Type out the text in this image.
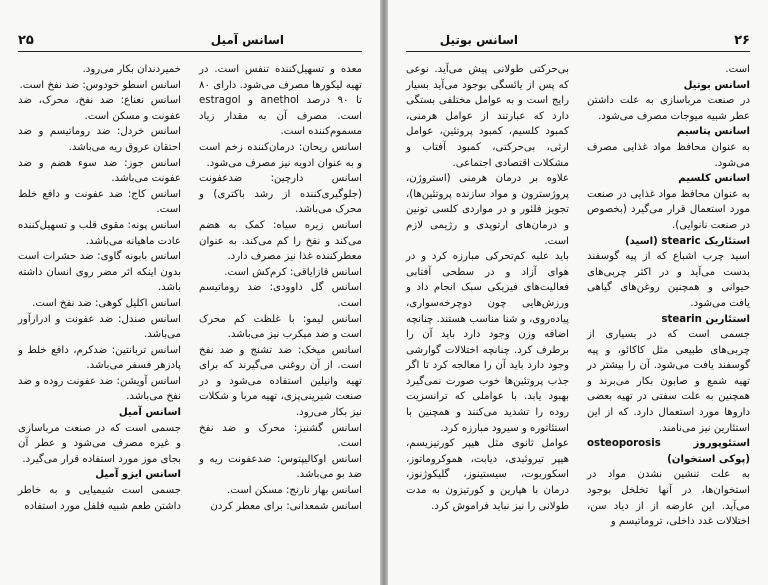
۲۵	اسانس آمیل

معده و تسهیل‌کننده تنفس است. در تهیه لیکورها مصرف می‌شود. دارای ۸۰ تا ۹۰ درصد anethol و estragol است. مصرف آن به مقدار زیاد مسموم‌کننده است.

اسانس ریحان: درمان‌کننده زخم است و به عنوان ادویه نیز مصرف می‌شود.

اسانس دارچین: ضدعفونت (جلوگیری‌کننده از رشد باکتری) و محرک می‌باشد.

اسانس زیره سیاه: کمک به هضم می‌کند و نفخ را کم می‌کند. به عنوان معطرکننده غذا نیز مصرف دارد.

اسانس قازایاقی: کرم‌کش است.

اسانس گل داوودی: ضد روماتیسم است.

اسانس لیمو: با غلظت کم محرک است و ضد میکرب نیز می‌باشد.

اسانس میخک: ضد تشنج و ضد نفخ است. از آن روغنی می‌گیرند که برای تهیه وانیلین استفاده می‌شود و در صنعت شیرینی‌پزی، تهیه مربا و شکلات نیز بکار می‌رود.

اسانس گشنیز: محرک و ضد نفخ است.

اسانس اوکالیپتوس: ضدعفونت ریه و ضد بو می‌باشد.

اسانس بهار نارنج: مسکن است.

اسانس شمعدانی: برای معطر کردن

خمیردندان بکار می‌رود.

اسانس اسطو خودوس: ضد نفخ است.

اسانس نعناع: ضد نفخ، محرک، ضد عفونت و مسکن است.

اسانس خردل: ضد روماتیسم و ضد احتقان عروق ریه می‌باشد.

اسانس جوز: ضد سوء هضم و ضد عفونت می‌باشد.

اسانس کاج: ضد عفونت و دافع خلط است.

اسانس پونه: مقوی قلب و تسهیل‌کننده عادت ماهیانه می‌باشد.

اسانس بابونه گاوی: ضد حشرات است بدون اینکه اثر مضر روی انسان داشته باشد.

اسانس اکلیل کوهی: ضد نفخ است.

اسانس صندل: ضد عفونت و ادرارآور می‌باشد.

اسانس تربانتین: ضدکرم، دافع خلط و پادزهر فسفر می‌باشد.

اسانس آویشن: ضد عفونت روده و ضد نفخ می‌باشد.

اسانس آمیل

جسمی است که در صنعت مربا‌سازی و غیره مصرف می‌شود و عطر آن بجای موز مورد استفاده قرار می‌گیرد.

اسانس ایزو آمیل

جسمی است شیمیایی و به خاطر داشتن طعم شبیه فلفل مورد استفاده

۲۶
اسانس بوتیل

است.

اسانس بوتیل

در صنعت مربا‌سازی به علت داشتن عطر شبیه میوجات مصرف می‌شود.

اسانس پتاسیم

به عنوان محافظ مواد غذایی مصرف می‌شود.

اسانس کلسیم

به عنوان محافظ مواد غذایی در صنعت مورد استعمال قرار می‌گیرد (بخصوص در صنعت نانوایی).

استئاریک stearic (اسید)

اسید چرب اشباع که از پیه گوسفند بدست می‌آید و در اکثر چربی‌های حیوانی و همچنین روغن‌های گیاهی یافت می‌شود.

استئارین stearin

جسمی است که در بسیاری از چربی‌های طبیعی مثل کاکائو، و پیه گوسفند یافت می‌شود. آن را بیشتر در تهیه شمع و صابون بکار می‌برند و همچنین به علت سفتی در تهیه بعضی داروها مورد استعمال دارد. که از این استئارین نیز می‌نامند.

استئوپوروز osteoporosis (پوکی استخوان)

به علت تنشین نشدن مواد در استخوان‌ها، در آنها تخلخل بوجود می‌آید. این عارضه از از دیاد سن، اختلالات غدد داخلی، تروماتیسم و

بی‌حرکتی طولانی پیش می‌آید. نوعی که پس از یائسگی بوجود می‌آید بسیار رایج است و به عوامل مختلفی بستگی دارد که عبارتند از عوامل هرمنی، کمبود کلسیم، کمبود پروتئین، عوامل ارثی، بی‌حرکتی، کمبود آفتاب و مشکلات اقتصادی اجتماعی.

علاوه بر درمان هرمنی (استروژن، پروژسترون و مواد سازنده پروتئین‌ها)، تجویز فلئور و در مواردی کلسی تونین و درمان‌های ارتوپدی و رژیمی لازم است.

باید علیه کم‌تحرکی مبارزه کرد و در هوای آزاد و در سطحی آفتابی فعالیت‌های فیزیکی سبک انجام داد و ورزش‌هایی چون دوچرخه‌سواری، پیاده‌روی، و شنا مناسب هستند. چنانچه اضافه وزن وجود دارد باید آن را برطرف کرد. چنانچه اختلالات گوارشی وجود دارد باید آن را معالجه کرد تا اگر جذب پروتئین‌ها خوب صورت نمی‌گیرد بهبود یابد. با عواملی که ترانسزیت روده را تشدید می‌کنند و همچنین با استئاتوره و سیرود مبارزه کرد.

عوامل ثانوی مثل هیپر کورتیزیسم، هیپر تیروئیدی، دیابت، هموکروماتوز، اسکوربوت، سیستینوز، گلیکوژنوز، درمان با هپارین و کورتیزون به مدت طولانی را نیز نباید فراموش کرد.
